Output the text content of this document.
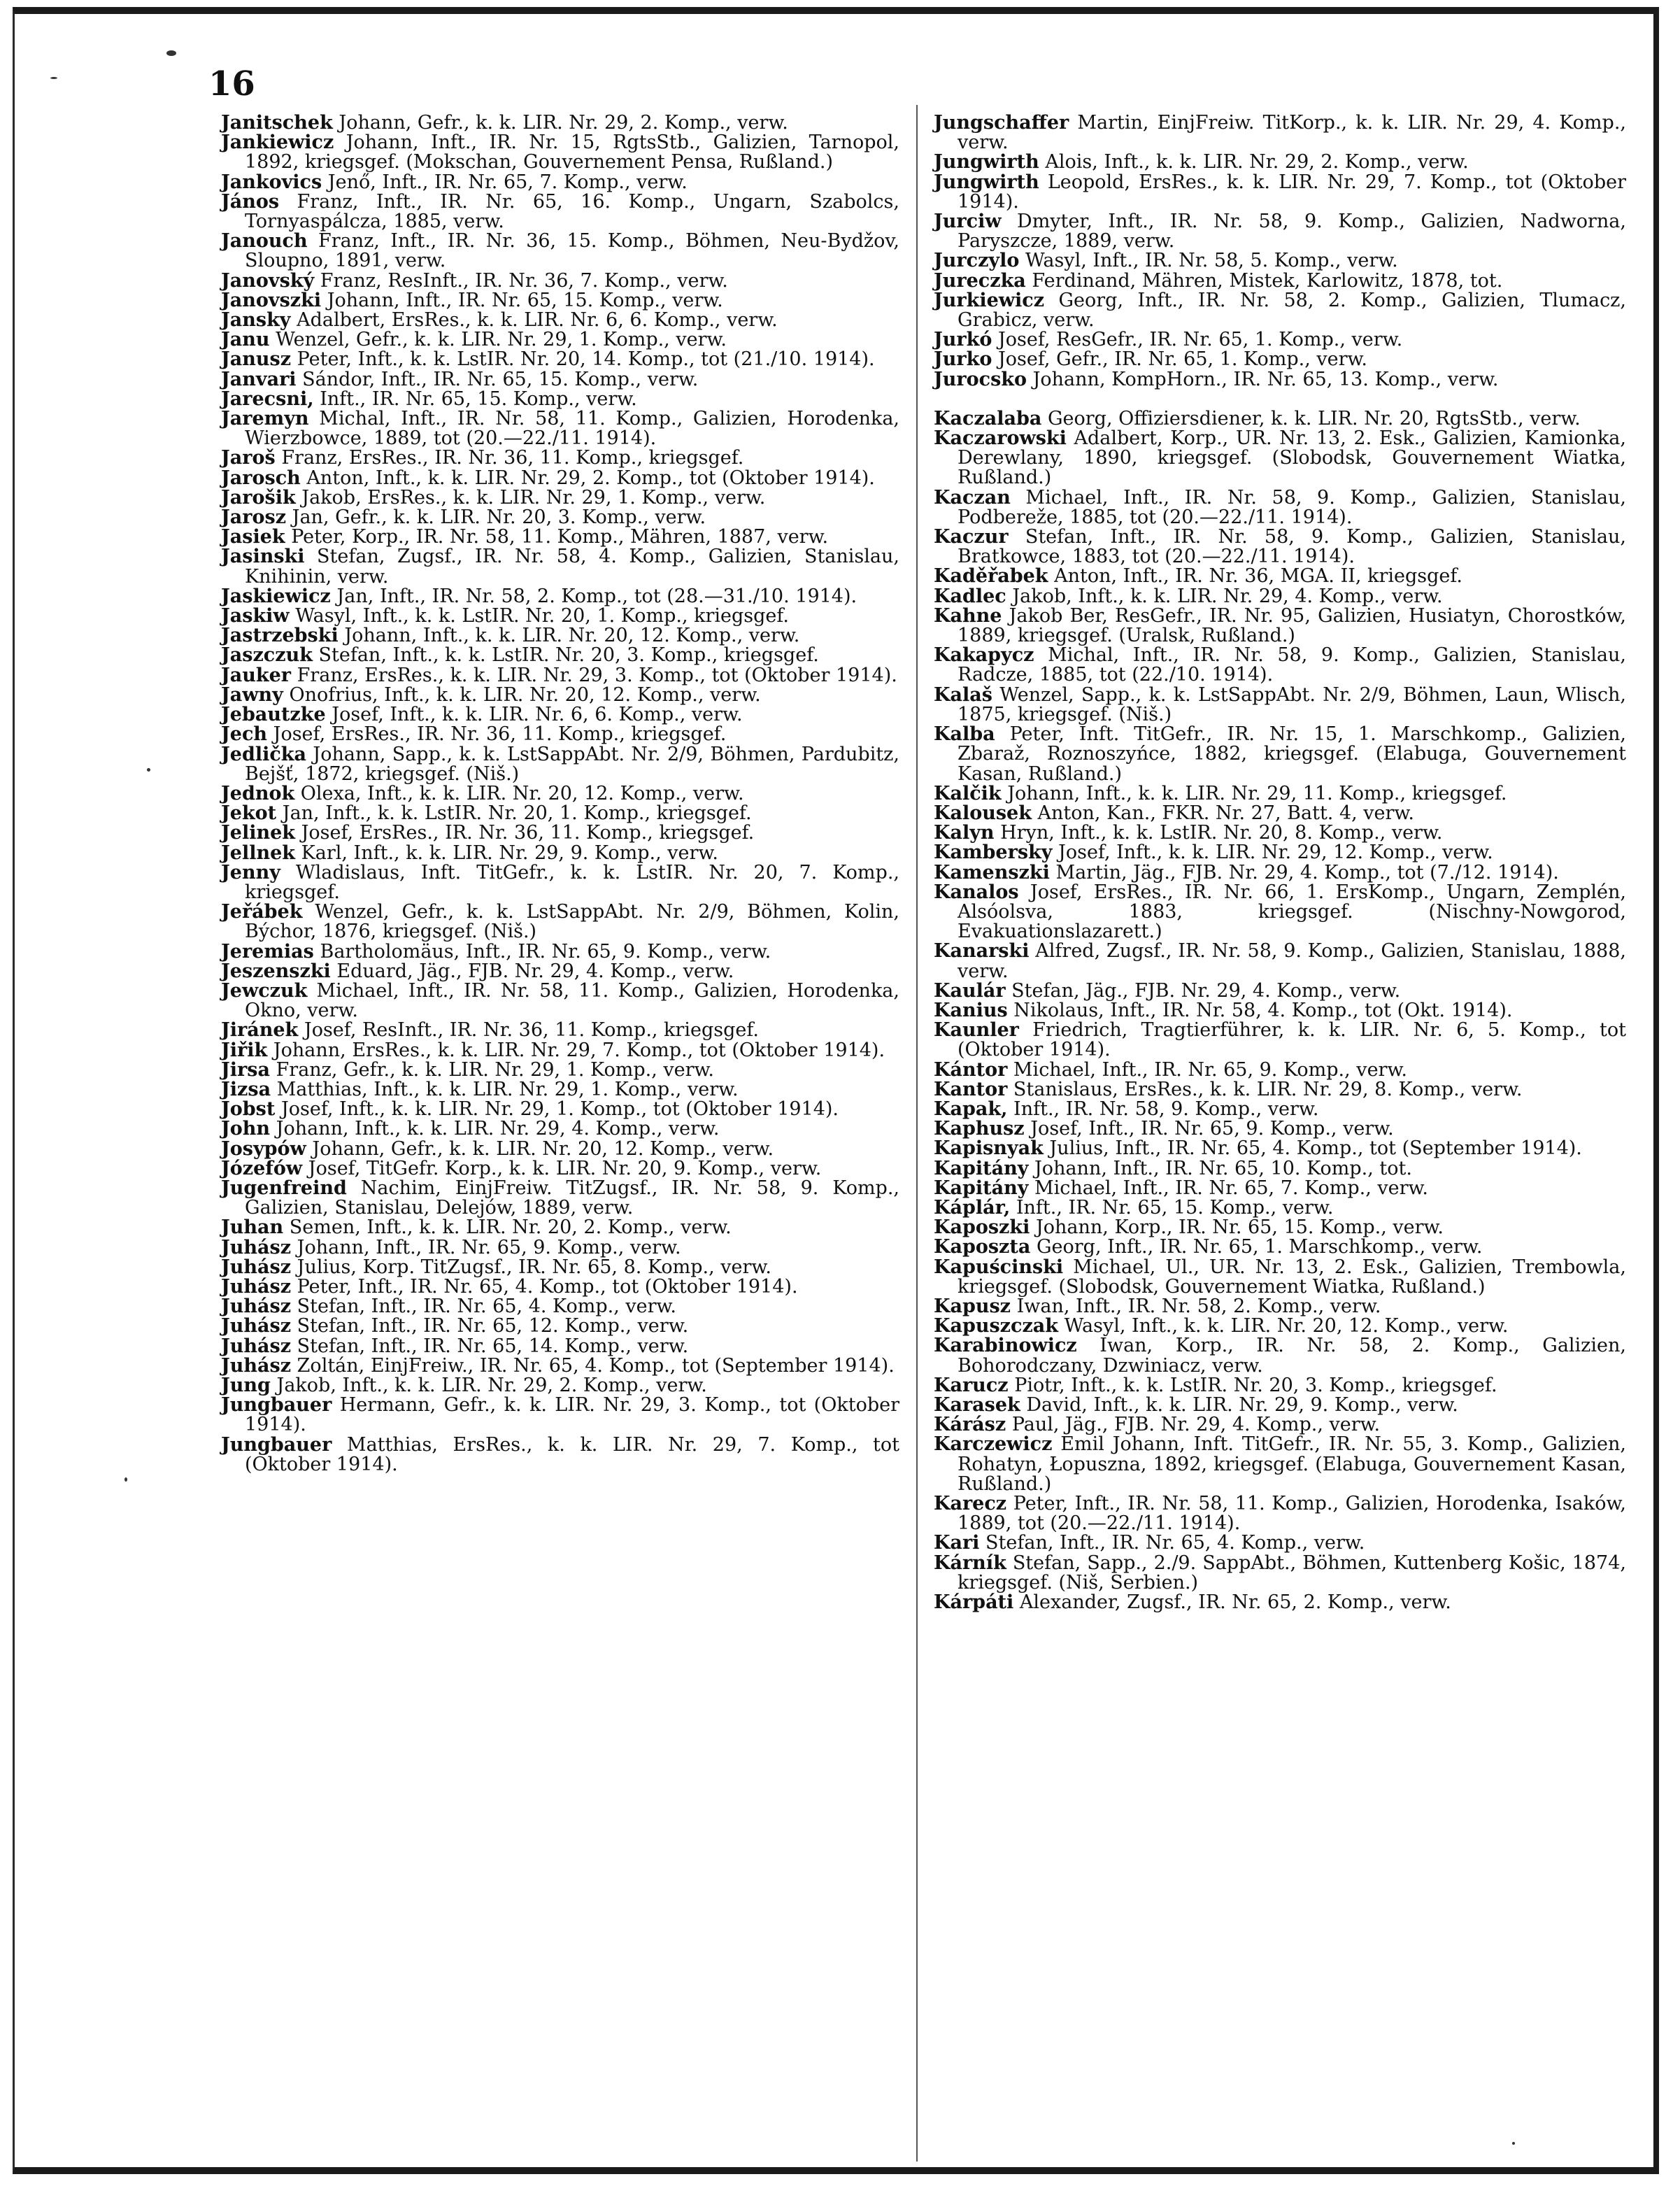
16

Janitschek Johann, Gefr., k. k. LIR. Nr. 29, 2. Komp., verw.

Jankiewicz Johann, Inft., IR. Nr. 15, RgtsStb., Galizien, Tarnopol, 1892, kriegsgef. (Mokschan, Gouvernement Pensa, Rußland.)

Jankovics Jenő, Inft., IR. Nr. 65, 7. Komp., verw.

János Franz, Inft., IR. Nr. 65, 16. Komp., Ungarn, Szabolcs, Tornyaspálcza, 1885, verw.

Janouch Franz, Inft., IR. Nr. 36, 15. Komp., Böhmen, Neu-Bydžov, Sloupno, 1891, verw.

Janovský Franz, ResInft., IR. Nr. 36, 7. Komp., verw.

Janovszki Johann, Inft., IR. Nr. 65, 15. Komp., verw.

Jansky Adalbert, ErsRes., k. k. LIR. Nr. 6, 6. Komp., verw.

Janu Wenzel, Gefr., k. k. LIR. Nr. 29, 1. Komp., verw.

Janusz Peter, Inft., k. k. LstIR. Nr. 20, 14. Komp., tot (21./10. 1914).

Janvari Sándor, Inft., IR. Nr. 65, 15. Komp., verw.

Jarecsni, Inft., IR. Nr. 65, 15. Komp., verw.

Jaremyn Michal, Inft., IR. Nr. 58, 11. Komp., Galizien, Horodenka, Wierzbowce, 1889, tot (20.—22./11. 1914).

Jaroš Franz, ErsRes., IR. Nr. 36, 11. Komp., kriegsgef.

Jarosch Anton, Inft., k. k. LIR. Nr. 29, 2. Komp., tot (Oktober 1914).

Jarošik Jakob, ErsRes., k. k. LIR. Nr. 29, 1. Komp., verw.

Jarosz Jan, Gefr., k. k. LIR. Nr. 20, 3. Komp., verw.

Jasiek Peter, Korp., IR. Nr. 58, 11. Komp., Mähren, 1887, verw.

Jasinski Stefan, Zugsf., IR. Nr. 58, 4. Komp., Galizien, Stanislau, Knihinin, verw.

Jaskiewicz Jan, Inft., IR. Nr. 58, 2. Komp., tot (28.—31./10. 1914).

Jaskiw Wasyl, Inft., k. k. LstIR. Nr. 20, 1. Komp., kriegsgef.

Jastrzebski Johann, Inft., k. k. LIR. Nr. 20, 12. Komp., verw.

Jaszczuk Stefan, Inft., k. k. LstIR. Nr. 20, 3. Komp., kriegsgef.

Jauker Franz, ErsRes., k. k. LIR. Nr. 29, 3. Komp., tot (Oktober 1914).

Jawny Onofrius, Inft., k. k. LIR. Nr. 20, 12. Komp., verw.

Jebautzke Josef, Inft., k. k. LIR. Nr. 6, 6. Komp., verw.

Jech Josef, ErsRes., IR. Nr. 36, 11. Komp., kriegsgef.

Jedlička Johann, Sapp., k. k. LstSappAbt. Nr. 2/9, Böhmen, Pardubitz, Bejšť, 1872, kriegsgef. (Niš.)

Jednok Olexa, Inft., k. k. LIR. Nr. 20, 12. Komp., verw.

Jekot Jan, Inft., k. k. LstIR. Nr. 20, 1. Komp., kriegsgef.

Jelinek Josef, ErsRes., IR. Nr. 36, 11. Komp., kriegsgef.

Jellnek Karl, Inft., k. k. LIR. Nr. 29, 9. Komp., verw.

Jenny Wladislaus, Inft. TitGefr., k. k. LstIR. Nr. 20, 7. Komp., kriegsgef.

Jeřábek Wenzel, Gefr., k. k. LstSappAbt. Nr. 2/9, Böhmen, Kolin, Býchor, 1876, kriegsgef. (Niš.)

Jeremias Bartholomäus, Inft., IR. Nr. 65, 9. Komp., verw.

Jeszenszki Eduard, Jäg., FJB. Nr. 29, 4. Komp., verw.

Jewczuk Michael, Inft., IR. Nr. 58, 11. Komp., Galizien, Horodenka, Okno, verw.

Jiránek Josef, ResInft., IR. Nr. 36, 11. Komp., kriegsgef.

Jiřik Johann, ErsRes., k. k. LIR. Nr. 29, 7. Komp., tot (Oktober 1914).

Jirsa Franz, Gefr., k. k. LIR. Nr. 29, 1. Komp., verw.

Jizsa Matthias, Inft., k. k. LIR. Nr. 29, 1. Komp., verw.

Jobst Josef, Inft., k. k. LIR. Nr. 29, 1. Komp., tot (Oktober 1914).

John Johann, Inft., k. k. LIR. Nr. 29, 4. Komp., verw.

Josypów Johann, Gefr., k. k. LIR. Nr. 20, 12. Komp., verw.

Józefów Josef, TitGefr. Korp., k. k. LIR. Nr. 20, 9. Komp., verw.

Jugenfreind Nachim, EinjFreiw. TitZugsf., IR. Nr. 58, 9. Komp., Galizien, Stanislau, Delejów, 1889, verw.

Juhan Semen, Inft., k. k. LIR. Nr. 20, 2. Komp., verw.

Juhász Johann, Inft., IR. Nr. 65, 9. Komp., verw.

Juhász Julius, Korp. TitZugsf., IR. Nr. 65, 8. Komp., verw.

Juhász Peter, Inft., IR. Nr. 65, 4. Komp., tot (Oktober 1914).

Juhász Stefan, Inft., IR. Nr. 65, 4. Komp., verw.

Juhász Stefan, Inft., IR. Nr. 65, 12. Komp., verw.

Juhász Stefan, Inft., IR. Nr. 65, 14. Komp., verw.

Juhász Zoltán, EinjFreiw., IR. Nr. 65, 4. Komp., tot (September 1914).

Jung Jakob, Inft., k. k. LIR. Nr. 29, 2. Komp., verw.

Jungbauer Hermann, Gefr., k. k. LIR. Nr. 29, 3. Komp., tot (Oktober 1914).

Jungbauer Matthias, ErsRes., k. k. LIR. Nr. 29, 7. Komp., tot (Oktober 1914).

Jungschaffer Martin, EinjFreiw. TitKorp., k. k. LIR. Nr. 29, 4. Komp., verw.

Jungwirth Alois, Inft., k. k. LIR. Nr. 29, 2. Komp., verw.

Jungwirth Leopold, ErsRes., k. k. LIR. Nr. 29, 7. Komp., tot (Oktober 1914).

Jurciw Dmyter, Inft., IR. Nr. 58, 9. Komp., Galizien, Nadworna, Paryszcze, 1889, verw.

Jurczylo Wasyl, Inft., IR. Nr. 58, 5. Komp., verw.

Jureczka Ferdinand, Mähren, Mistek, Karlowitz, 1878, tot.

Jurkiewicz Georg, Inft., IR. Nr. 58, 2. Komp., Galizien, Tlumacz, Grabicz, verw.

Jurkó Josef, ResGefr., IR. Nr. 65, 1. Komp., verw.

Jurko Josef, Gefr., IR. Nr. 65, 1. Komp., verw.

Jurocsko Johann, KompHorn., IR. Nr. 65, 13. Komp., verw.

Kaczalaba Georg, Offiziersdiener, k. k. LIR. Nr. 20, RgtsStb., verw.

Kaczarowski Adalbert, Korp., UR. Nr. 13, 2. Esk., Galizien, Kamionka, Derewlany, 1890, kriegsgef. (Slobodsk, Gouvernement Wiatka, Rußland.)

Kaczan Michael, Inft., IR. Nr. 58, 9. Komp., Galizien, Stanislau, Podbereže, 1885, tot (20.—22./11. 1914).

Kaczur Stefan, Inft., IR. Nr. 58, 9. Komp., Galizien, Stanislau, Bratkowce, 1883, tot (20.—22./11. 1914).

Kaděřabek Anton, Inft., IR. Nr. 36, MGA. II, kriegsgef.

Kadlec Jakob, Inft., k. k. LIR. Nr. 29, 4. Komp., verw.

Kahne Jakob Ber, ResGefr., IR. Nr. 95, Galizien, Husiatyn, Chorostków, 1889, kriegsgef. (Uralsk, Rußland.)

Kakapycz Michal, Inft., IR. Nr. 58, 9. Komp., Galizien, Stanislau, Radcze, 1885, tot (22./10. 1914).

Kalaš Wenzel, Sapp., k. k. LstSappAbt. Nr. 2/9, Böhmen, Laun, Wlisch, 1875, kriegsgef. (Niš.)

Kalba Peter, Inft. TitGefr., IR. Nr. 15, 1. Marschkomp., Galizien, Zbaraž, Roznoszyńce, 1882, kriegsgef. (Elabuga, Gouvernement Kasan, Rußland.)

Kalčik Johann, Inft., k. k. LIR. Nr. 29, 11. Komp., kriegsgef.

Kalousek Anton, Kan., FKR. Nr. 27, Batt. 4, verw.

Kalyn Hryn, Inft., k. k. LstIR. Nr. 20, 8. Komp., verw.

Kambersky Josef, Inft., k. k. LIR. Nr. 29, 12. Komp., verw.

Kamenszki Martin, Jäg., FJB. Nr. 29, 4. Komp., tot (7./12. 1914).

Kanalos Josef, ErsRes., IR. Nr. 66, 1. ErsKomp., Ungarn, Zemplén, Alsóolsva, 1883, kriegsgef. (Nischny-Nowgorod, Evakuationslazarett.)

Kanarski Alfred, Zugsf., IR. Nr. 58, 9. Komp., Galizien, Stanislau, 1888, verw.

Kaulár Stefan, Jäg., FJB. Nr. 29, 4. Komp., verw.

Kanius Nikolaus, Inft., IR. Nr. 58, 4. Komp., tot (Okt. 1914).

Kaunler Friedrich, Tragtierführer, k. k. LIR. Nr. 6, 5. Komp., tot (Oktober 1914).

Kántor Michael, Inft., IR. Nr. 65, 9. Komp., verw.

Kantor Stanislaus, ErsRes., k. k. LIR. Nr. 29, 8. Komp., verw.

Kapak, Inft., IR. Nr. 58, 9. Komp., verw.

Kaphusz Josef, Inft., IR. Nr. 65, 9. Komp., verw.

Kapisnyak Julius, Inft., IR. Nr. 65, 4. Komp., tot (September 1914).

Kapitány Johann, Inft., IR. Nr. 65, 10. Komp., tot.

Kapitány Michael, Inft., IR. Nr. 65, 7. Komp., verw.

Káplár, Inft., IR. Nr. 65, 15. Komp., verw.

Kaposzki Johann, Korp., IR. Nr. 65, 15. Komp., verw.

Kaposzta Georg, Inft., IR. Nr. 65, 1. Marschkomp., verw.

Kapuścinski Michael, Ul., UR. Nr. 13, 2. Esk., Galizien, Trembowla, kriegsgef. (Slobodsk, Gouvernement Wiatka, Rußland.)

Kapusz Iwan, Inft., IR. Nr. 58, 2. Komp., verw.

Kapuszczak Wasyl, Inft., k. k. LIR. Nr. 20, 12. Komp., verw.

Karabinowicz Iwan, Korp., IR. Nr. 58, 2. Komp., Galizien, Bohorodczany, Dzwiniacz, verw.

Karucz Piotr, Inft., k. k. LstIR. Nr. 20, 3. Komp., kriegsgef.

Karasek David, Inft., k. k. LIR. Nr. 29, 9. Komp., verw.

Kárász Paul, Jäg., FJB. Nr. 29, 4. Komp., verw.

Karczewicz Emil Johann, Inft. TitGefr., IR. Nr. 55, 3. Komp., Galizien, Rohatyn, Łopuszna, 1892, kriegsgef. (Elabuga, Gouvernement Kasan, Rußland.)

Karecz Peter, Inft., IR. Nr. 58, 11. Komp., Galizien, Horodenka, Isaków, 1889, tot (20.—22./11. 1914).

Kari Stefan, Inft., IR. Nr. 65, 4. Komp., verw.

Kárník Stefan, Sapp., 2./9. SappAbt., Böhmen, Kuttenberg Košic, 1874, kriegsgef. (Niš, Serbien.)

Kárpáti Alexander, Zugsf., IR. Nr. 65, 2. Komp., verw.
